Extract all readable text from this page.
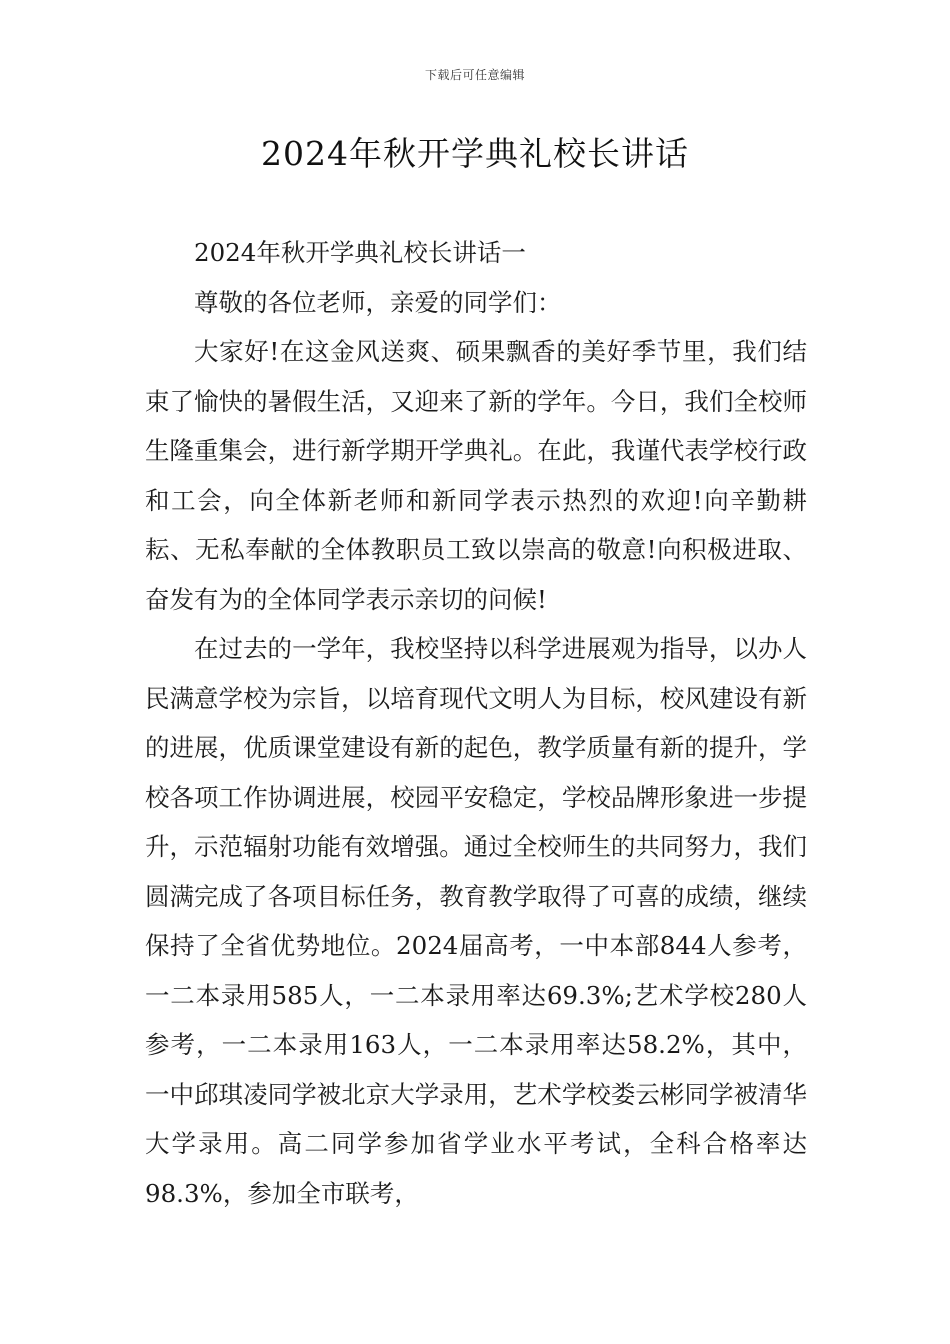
下载后可任意编辑
2024年秋开学典礼校长讲话

2024年秋开学典礼校长讲话一

尊敬的各位老师，亲爱的同学们：

大家好!在这金风送爽、硕果飘香的美好季节里，我们结束了愉快的暑假生活，又迎来了新的学年。今日，我们全校师生隆重集会，进行新学期开学典礼。在此，我谨代表学校行政和工会，向全体新老师和新同学表示热烈的欢迎!向辛勤耕耘、无私奉献的全体教职员工致以崇高的敬意!向积极进取、奋发有为的全体同学表示亲切的问候!

在过去的一学年，我校坚持以科学进展观为指导，以办人民满意学校为宗旨，以培育现代文明人为目标，校风建设有新的进展，优质课堂建设有新的起色，教学质量有新的提升，学校各项工作协调进展，校园平安稳定，学校品牌形象进一步提升，示范辐射功能有效增强。通过全校师生的共同努力，我们圆满完成了各项目标任务，教育教学取得了可喜的成绩，继续保持了全省优势地位。2024届高考，一中本部844人参考，一二本录用585人，一二本录用率达69.3%;艺术学校280人参考，一二本录用163人，一二本录用率达58.2%，其中，一中邱琪凌同学被北京大学录用，艺术学校娄云彬同学被清华大学录用。高二同学参加省学业水平考试，全科合格率达98.3%，参加全市联考，
